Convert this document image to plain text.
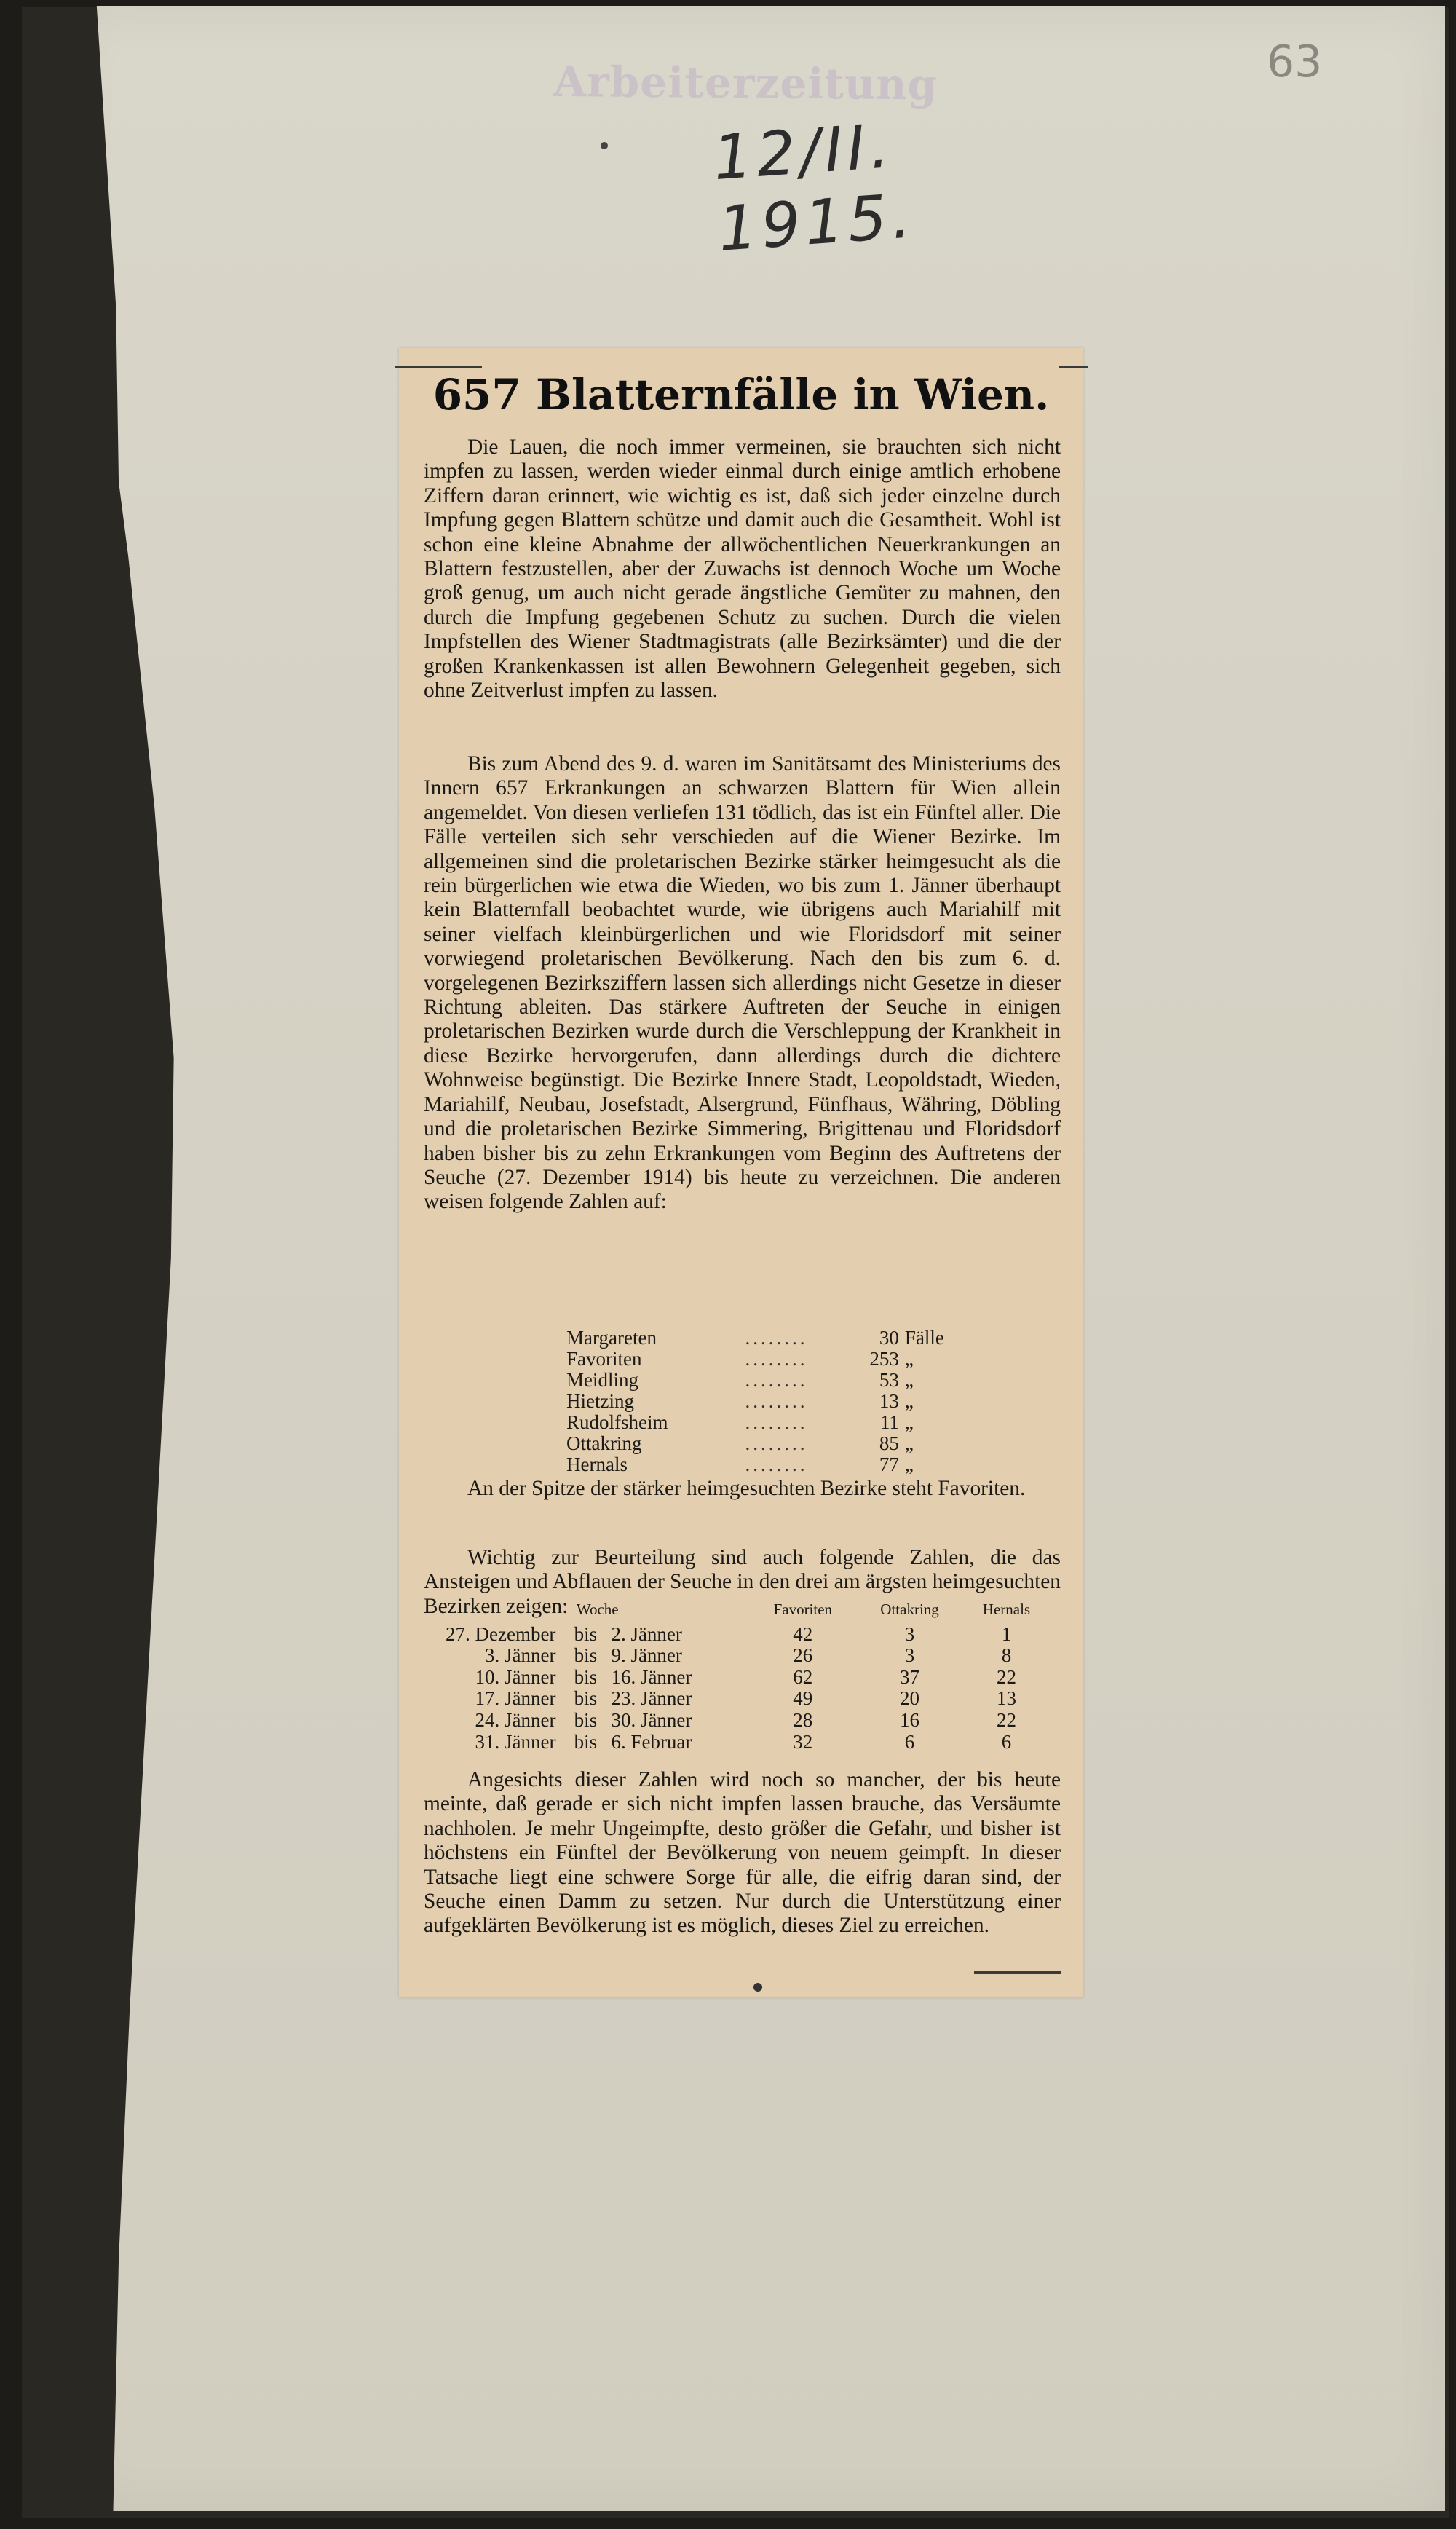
Arbeiterzeitung
12/II. 1915.
63
657 Blatternfälle in Wien.
Die Lauen, die noch immer vermeinen, sie brauchten sich nicht impfen zu lassen, werden wieder einmal durch einige amtlich erhobene Ziffern daran erinnert, wie wichtig es ist, daß sich jeder einzelne durch Impfung gegen Blattern schütze und damit auch die Gesamtheit. Wohl ist schon eine kleine Abnahme der allwöchentlichen Neuerkrankungen an Blattern festzustellen, aber der Zuwachs ist dennoch Woche um Woche groß genug, um auch nicht gerade ängstliche Gemüter zu mahnen, den durch die Impfung gegebenen Schutz zu suchen. Durch die vielen Impfstellen des Wiener Stadtmagistrats (alle Bezirksämter) und die der großen Krankenkassen ist allen Bewohnern Gelegenheit gegeben, sich ohne Zeitverlust impfen zu lassen.
Bis zum Abend des 9. d. waren im Sanitätsamt des Ministeriums des Innern 657 Erkrankungen an schwarzen Blattern für Wien allein angemeldet. Von diesen verliefen 131 tödlich, das ist ein Fünftel aller. Die Fälle verteilen sich sehr verschieden auf die Wiener Bezirke. Im allgemeinen sind die proletarischen Bezirke stärker heimgesucht als die rein bürgerlichen wie etwa die Wieden, wo bis zum 1. Jänner überhaupt kein Blatternfall beobachtet wurde, wie übrigens auch Mariahilf mit seiner vielfach kleinbürgerlichen und wie Floridsdorf mit seiner vorwiegend proletarischen Bevölkerung. Nach den bis zum 6. d. vorgelegenen Bezirksziffern lassen sich allerdings nicht Gesetze in dieser Richtung ableiten. Das stärkere Auftreten der Seuche in einigen proletarischen Bezirken wurde durch die Verschleppung der Krankheit in diese Bezirke hervorgerufen, dann allerdings durch die dichtere Wohnweise begünstigt. Die Bezirke Innere Stadt, Leopoldstadt, Wieden, Mariahilf, Neubau, Josefstadt, Alsergrund, Fünfhaus, Währing, Döbling und die proletarischen Bezirke Simmering, Brigittenau und Floridsdorf haben bisher bis zu zehn Erkrankungen vom Beginn des Auftretens der Seuche (27. Dezember 1914) bis heute zu verzeichnen. Die anderen weisen folgende Zahlen auf:
Margareten	........	30	Fälle
Favoriten	........	253	„
Meidling	........	53	„
Hietzing	........	13	„
Rudolfsheim	........	11	„
Ottakring	........	85	„
Hernals	........	77	„
An der Spitze der stärker heimgesuchten Bezirke steht Favoriten.
Wichtig zur Beurteilung sind auch folgende Zahlen, die das Ansteigen und Abflauen der Seuche in den drei am ärgsten heimgesuchten Bezirken zeigen: Woche			Favoriten	Ottakring	Hernals
27. Dezember	bis	2. Jänner	42	3	1
3. Jänner	bis	9. Jänner	26	3	8
10. Jänner	bis	16. Jänner	62	37	22
17. Jänner	bis	23. Jänner	49	20	13
24. Jänner	bis	30. Jänner	28	16	22
31. Jänner	bis	6. Februar	32	6	6
Angesichts dieser Zahlen wird noch so mancher, der bis heute meinte, daß gerade er sich nicht impfen lassen brauche, das Versäumte nachholen. Je mehr Ungeimpfte, desto größer die Gefahr, und bisher ist höchstens ein Fünftel der Bevölkerung von neuem geimpft. In dieser Tatsache liegt eine schwere Sorge für alle, die eifrig daran sind, der Seuche einen Damm zu setzen. Nur durch die Unterstützung einer aufgeklärten Bevölkerung ist es möglich, dieses Ziel zu erreichen.
